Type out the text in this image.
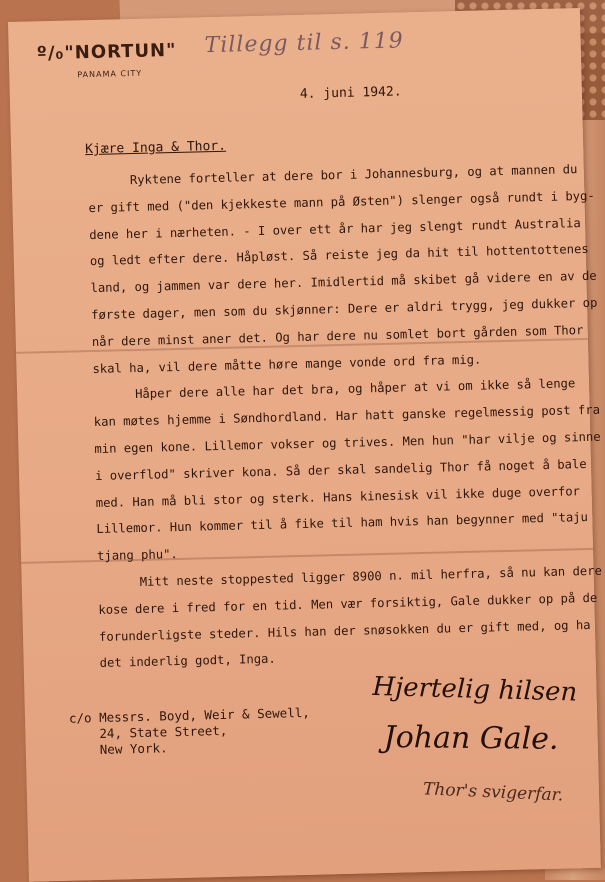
º/₀"NORTUN"
PANAMA CITY
Tillegg til s. 119
4. juni 1942.
Kjære Inga & Thor.
Ryktene forteller at dere bor i Johannesburg, og at mannen du
er gift med ("den kjekkeste mann på Østen") slenger også rundt i byg-
dene her i nærheten. - I over ett år har jeg slengt rundt Australia
og ledt efter dere. Håpløst. Så reiste jeg da hit til hottentottenes
land, og jammen var dere her. Imidlertid må skibet gå videre en av de
første dager, men som du skjønner: Dere er aldri trygg, jeg dukker op
når dere minst aner det. Og har dere nu somlet bort gården som Thor
skal ha, vil dere måtte høre mange vonde ord fra mig.
Håper dere alle har det bra, og håper at vi om ikke så lenge
kan møtes hjemme i Søndhordland. Har hatt ganske regelmessig post fra
min egen kone. Lillemor vokser og trives. Men hun "har vilje og sinne
i overflod" skriver kona. Så der skal sandelig Thor få noget å bale
med. Han må bli stor og sterk. Hans kinesisk vil ikke duge overfor
Lillemor. Hun kommer til å fike til ham hvis han begynner med "taju
tjang phu".
Mitt neste stoppested ligger 8900 n. mil herfra, så nu kan dere
kose dere i fred for en tid. Men vær forsiktig, Gale dukker op på de
forunderligste steder. Hils han der snøsokken du er gift med, og ha
det inderlig godt, Inga.
c/o Messrs. Boyd, Weir & Sewell,
24, State Street,
New York.
Hjertelig hilsen
Johan Gale.
Thor's svigerfar.
